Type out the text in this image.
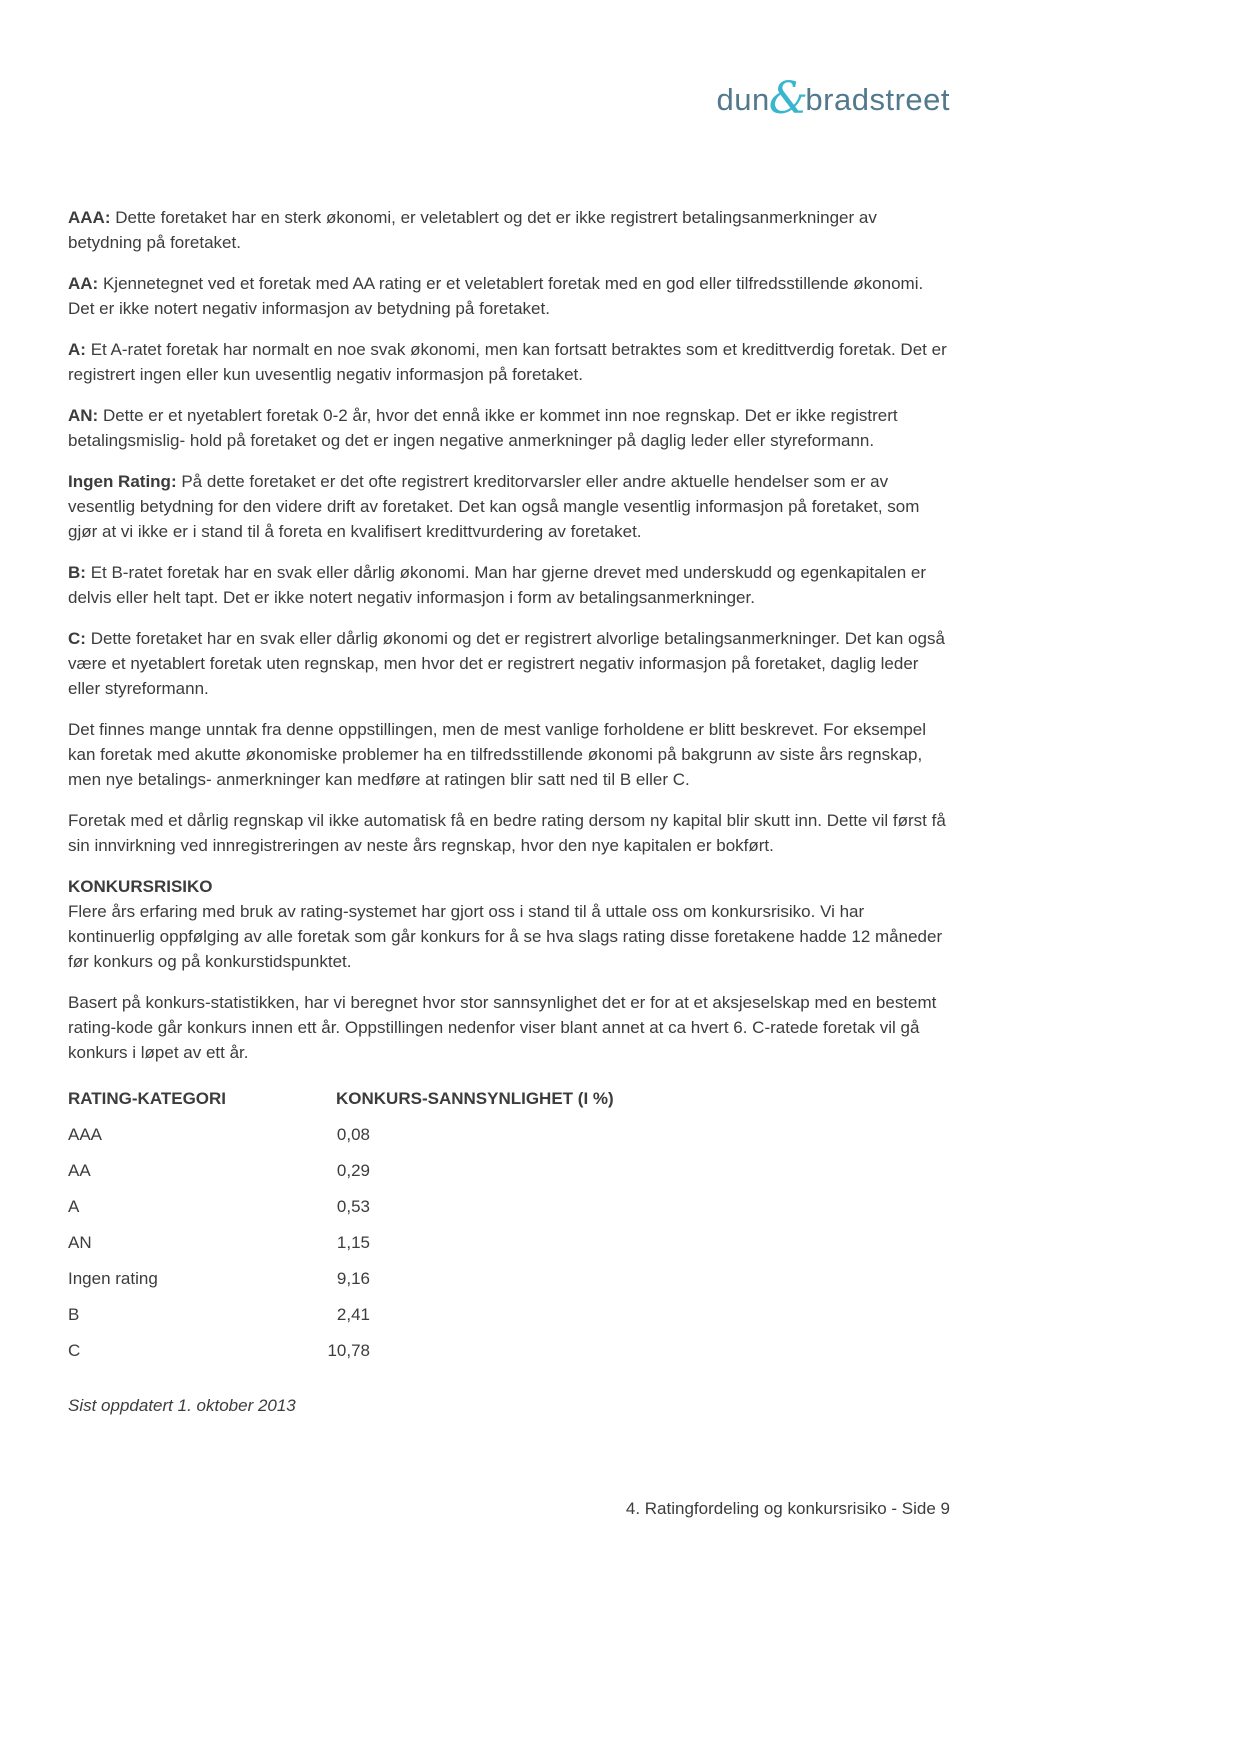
dun&bradstreet

AAA: Dette foretaket har en sterk økonomi, er veletablert og det er ikke registrert betalingsanmerkninger av betydning på foretaket.

AA: Kjennetegnet ved et foretak med AA rating er et veletablert foretak med en god eller tilfredsstillende økonomi. Det er ikke notert negativ informasjon av betydning på foretaket.

A: Et A-ratet foretak har normalt en noe svak økonomi, men kan fortsatt betraktes som et kredittverdig foretak. Det er registrert ingen eller kun uvesentlig negativ informasjon på foretaket.

AN: Dette er et nyetablert foretak 0-2 år, hvor det ennå ikke er kommet inn noe regnskap. Det er ikke registrert betalingsmislig- hold på foretaket og det er ingen negative anmerkninger på daglig leder eller styreformann.

Ingen Rating: På dette foretaket er det ofte registrert kreditorvarsler eller andre aktuelle hendelser som er av vesentlig betydning for den videre drift av foretaket. Det kan også mangle vesentlig informasjon på foretaket, som gjør at vi ikke er i stand til å foreta en kvalifisert kredittvurdering av foretaket.

B: Et B-ratet foretak har en svak eller dårlig økonomi. Man har gjerne drevet med underskudd og egenkapitalen er delvis eller helt tapt. Det er ikke notert negativ informasjon i form av betalingsanmerkninger.

C: Dette foretaket har en svak eller dårlig økonomi og det er registrert alvorlige betalingsanmerkninger. Det kan også være et nyetablert foretak uten regnskap, men hvor det er registrert negativ informasjon på foretaket, daglig leder eller styreformann.

Det finnes mange unntak fra denne oppstillingen, men de mest vanlige forholdene er blitt beskrevet. For eksempel kan foretak med akutte økonomiske problemer ha en tilfredsstillende økonomi på bakgrunn av siste års regnskap, men nye betalings- anmerkninger kan medføre at ratingen blir satt ned til B eller C.

Foretak med et dårlig regnskap vil ikke automatisk få en bedre rating dersom ny kapital blir skutt inn. Dette vil først få sin innvirkning ved innregistreringen av neste års regnskap, hvor den nye kapitalen er bokført.

KONKURSRISIKO
Flere års erfaring med bruk av rating-systemet har gjort oss i stand til å uttale oss om konkursrisiko. Vi har kontinuerlig oppfølging av alle foretak som går konkurs for å se hva slags rating disse foretakene hadde 12 måneder før konkurs og på konkurstidspunktet.

Basert på konkurs-statistikken, har vi beregnet hvor stor sannsynlighet det er for at et aksjeselskap med en bestemt rating-kode går konkurs innen ett år. Oppstillingen nedenfor viser blant annet at ca hvert 6. C-ratede foretak vil gå konkurs i løpet av ett år.

RATING-KATEGORI	KONKURS-SANNSYNLIGHET (I %)
AAA	0,08
AA	0,29
A	0,53
AN	1,15
Ingen rating	9,16
B	2,41
C	10,78
Sist oppdatert 1. oktober 2013
4. Ratingfordeling og konkursrisiko - Side 9
